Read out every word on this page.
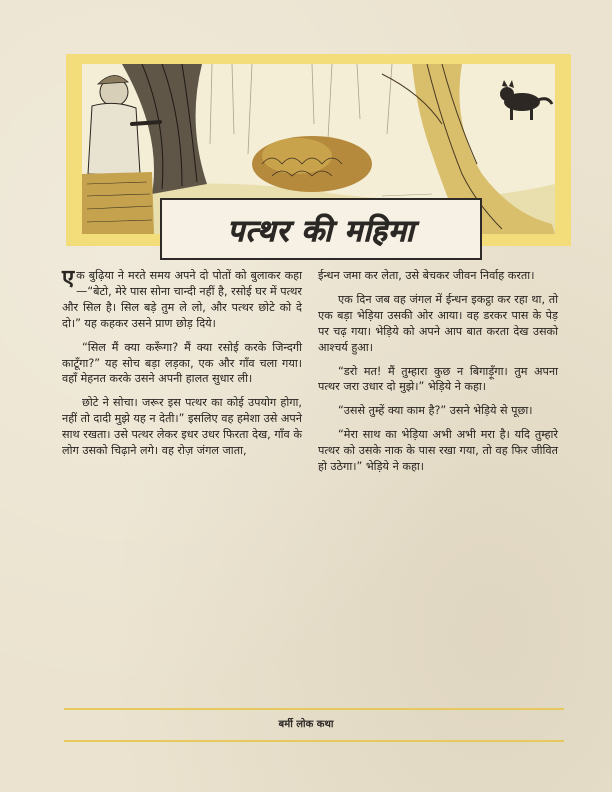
पत्थर की महिमा

एक बुढ़िया ने मरते समय अपने दो पोतों को बुलाकर कहा—“बेटो, मेरे पास सोना चान्दी नहीं है, रसोई घर में पत्थर और सिल है। सिल बड़े तुम ले लो, और पत्थर छोटे को दे दो।” यह कहकर उसने प्राण छोड़ दिये।

“सिल मैं क्या करूँगा? मैं क्या रसोई करके जिन्दगी काटूँगा?” यह सोच बड़ा लड़का, एक और गाँव चला गया। वहाँ मेहनत करके उसने अपनी हालत सुधार ली।

छोटे ने सोचा। जरूर इस पत्थर का कोई उपयोग होगा, नहीं तो दादी मुझे यह न देती।” इसलिए वह हमेशा उसे अपने साथ रखता। उसे पत्थर लेकर इधर उधर फिरता देख, गाँव के लोग उसको चिढ़ाने लगे। वह रोज़ जंगल जाता,

ईन्धन जमा कर लेता, उसे बेचकर जीवन निर्वाह करता।

एक दिन जब वह जंगल में ईन्धन इकट्ठा कर रहा था, तो एक बड़ा भेड़िया उसकी ओर आया। वह डरकर पास के पेड़ पर चढ़ गया। भेड़िये को अपने आप बात करता देख उसको आश्चर्य हुआ।

“डरो मत! मैं तुम्हारा कुछ न बिगाड़ूँगा। तुम अपना पत्थर जरा उधार दो मुझे।” भेड़िये ने कहा।

“उससे तुम्हें क्या काम है?” उसने भेड़िये से पूछा।

“मेरा साथ का भेड़िया अभी अभी मरा है। यदि तुम्हारे पत्थर को उसके नाक के पास रखा गया, तो वह फिर जीवित हो उठेगा।” भेड़िये ने कहा।

बर्मी लोक कथा
